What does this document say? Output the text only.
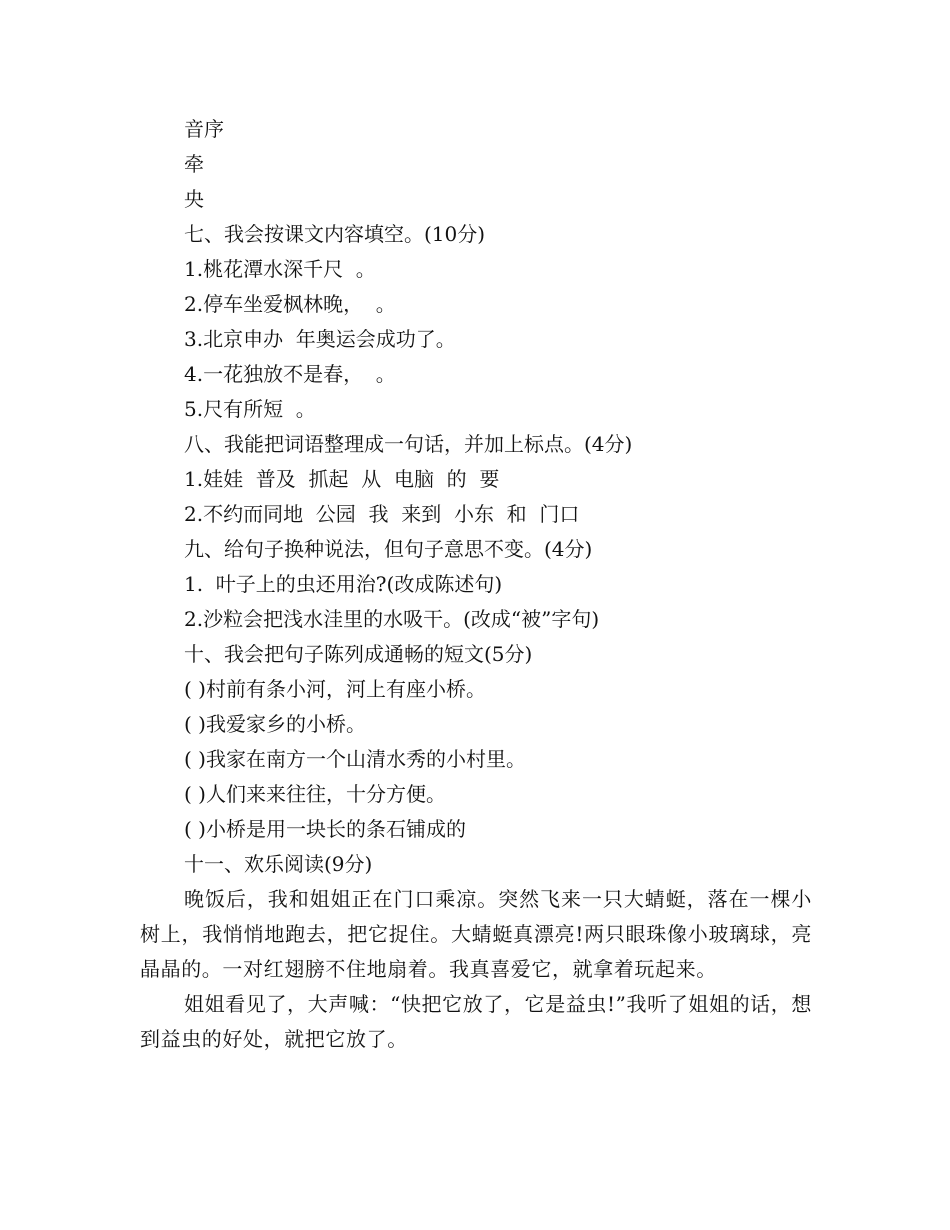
音序

牵

央

七、我会按课文内容填空。(10分)

1.桃花潭水深千尺  。

2.停车坐爱枫林晚，  。

3.北京申办  年奥运会成功了。

4.一花独放不是春，  。

5.尺有所短  。

八、我能把词语整理成一句话，并加上标点。(4分)

1.娃娃  普及  抓起  从  电脑  的  要

2.不约而同地  公园  我  来到  小东  和  门口

九、给句子换种说法，但句子意思不变。(4分)

1.  叶子上的虫还用治?(改成陈述句)

2.沙粒会把浅水洼里的水吸干。(改成“被”字句)

十、我会把句子陈列成通畅的短文(5分)

( )村前有条小河，河上有座小桥。

( )我爱家乡的小桥。

( )我家在南方一个山清水秀的小村里。

( )人们来来往往，十分方便。

( )小桥是用一块长的条石铺成的

十一、欢乐阅读(9分)

晚饭后，我和姐姐正在门口乘凉。突然飞来一只大蜻蜓，落在一棵小树上，我悄悄地跑去，把它捉住。大蜻蜓真漂亮!两只眼珠像小玻璃球，亮晶晶的。一对红翅膀不住地扇着。我真喜爱它，就拿着玩起来。

姐姐看见了，大声喊：“快把它放了，它是益虫!”我听了姐姐的话，想到益虫的好处，就把它放了。
